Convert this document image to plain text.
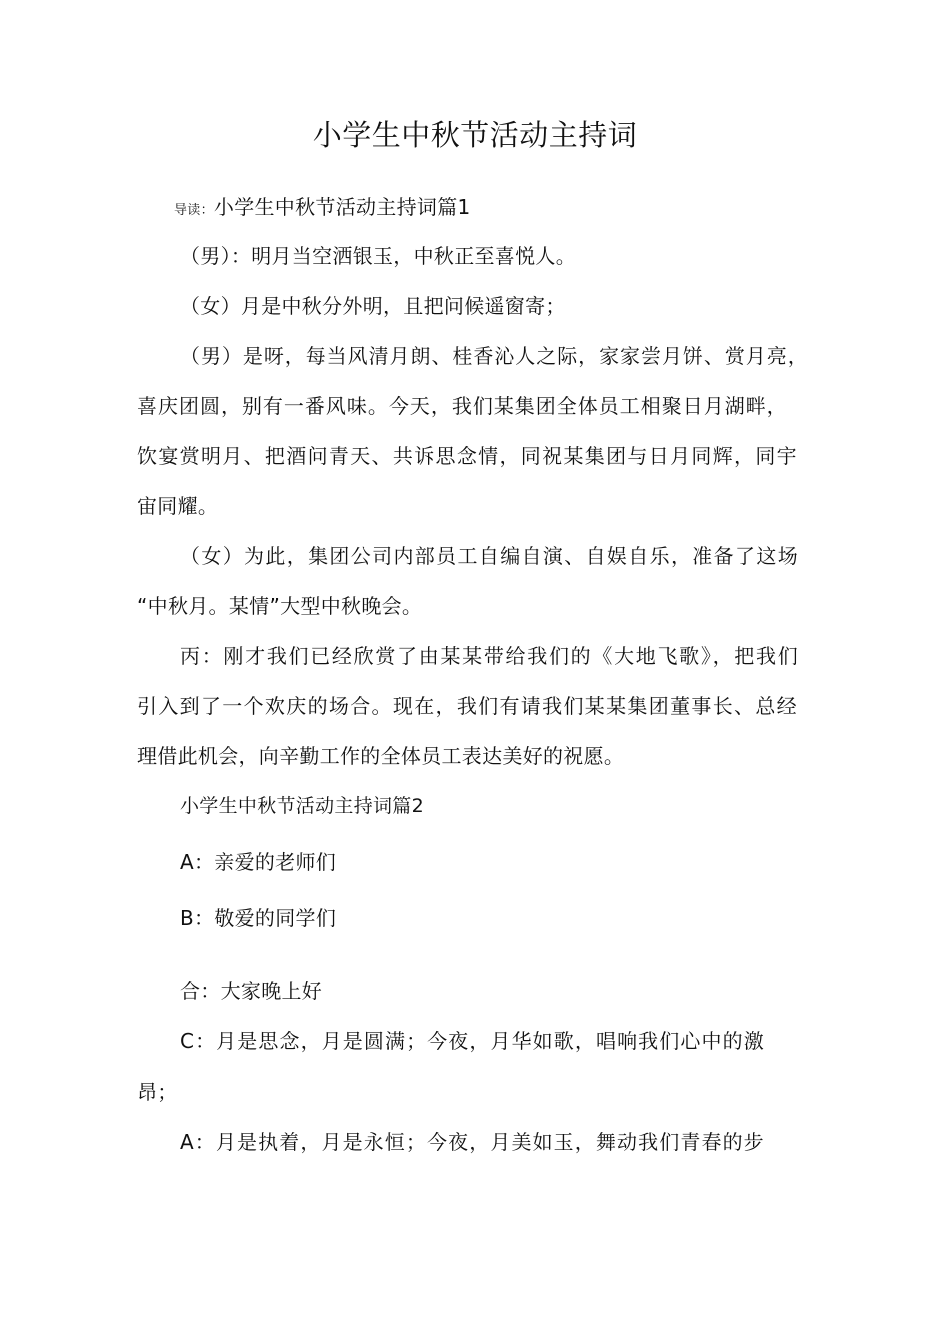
小学生中秋节活动主持词
导读：小学生中秋节活动主持词篇1
（男）：明月当空洒银玉，中秋正至喜悦人。
（女）月是中秋分外明，且把问候遥窗寄；
（男）是呀，每当风清月朗、桂香沁人之际，家家尝月饼、赏月亮，
喜庆团圆，别有一番风味。今天，我们某集团全体员工相聚日月湖畔，
饮宴赏明月、把酒问青天、共诉思念情，同祝某集团与日月同辉，同宇
宙同耀。
（女）为此，集团公司内部员工自编自演、自娱自乐，准备了这场
“中秋月。某情”大型中秋晚会。
丙：刚才我们已经欣赏了由某某带给我们的《大地飞歌》，把我们
引入到了一个欢庆的场合。现在，我们有请我们某某集团董事长、总经
理借此机会，向辛勤工作的全体员工表达美好的祝愿。
小学生中秋节活动主持词篇2
A：亲爱的老师们
B：敬爱的同学们
合：大家晚上好
C：月是思念，月是圆满；今夜，月华如歌，唱响我们心中的激
昂；
A：月是执着，月是永恒；今夜，月美如玉，舞动我们青春的步
